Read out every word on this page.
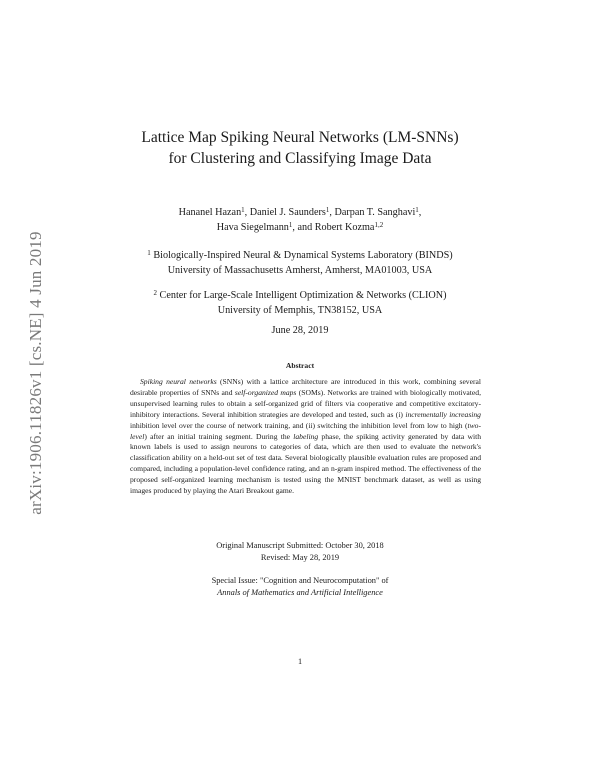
arXiv:1906.11826v1 [cs.NE] 4 Jun 2019
Lattice Map Spiking Neural Networks (LM-SNNs)
for Clustering and Classifying Image Data
Hananel Hazan$^1$, Daniel J. Saunders$^1$, Darpan T. Sanghavi$^1$,
Hava Siegelmann$^1$, and Robert Kozma$^{1,2}$
$^1$ Biologically-Inspired Neural & Dynamical Systems Laboratory (BINDS)
University of Massachusetts Amherst, Amherst, MA01003, USA
$^2$ Center for Large-Scale Intelligent Optimization & Networks (CLION)
University of Memphis, TN38152, USA
June 28, 2019
Abstract

Spiking neural networks (SNNs) with a lattice architecture are introduced in this work, combining several desirable properties of SNNs and self-organized maps (SOMs). Networks are trained with biologically motivated, unsupervised learning rules to obtain a self-organized grid of filters via cooperative and competitive excitatory-inhibitory interactions. Several inhibition strategies are developed and tested, such as (i) incrementally increasing inhibition level over the course of network training, and (ii) switching the inhibition level from low to high (two-level) after an initial training segment. During the labeling phase, the spiking activity generated by data with known labels is used to assign neurons to categories of data, which are then used to evaluate the network's classification ability on a held-out set of test data. Several biologically plausible evaluation rules are proposed and compared, including a population-level confidence rating, and an n-gram inspired method. The effectiveness of the proposed self-organized learning mechanism is tested using the MNIST benchmark dataset, as well as using images produced by playing the Atari Breakout game.

Original Manuscript Submitted: October 30, 2018
Revised: May 28, 2019
Special Issue: "Cognition and Neurocomputation" of
Annals of Mathematics and Artificial Intelligence
1
